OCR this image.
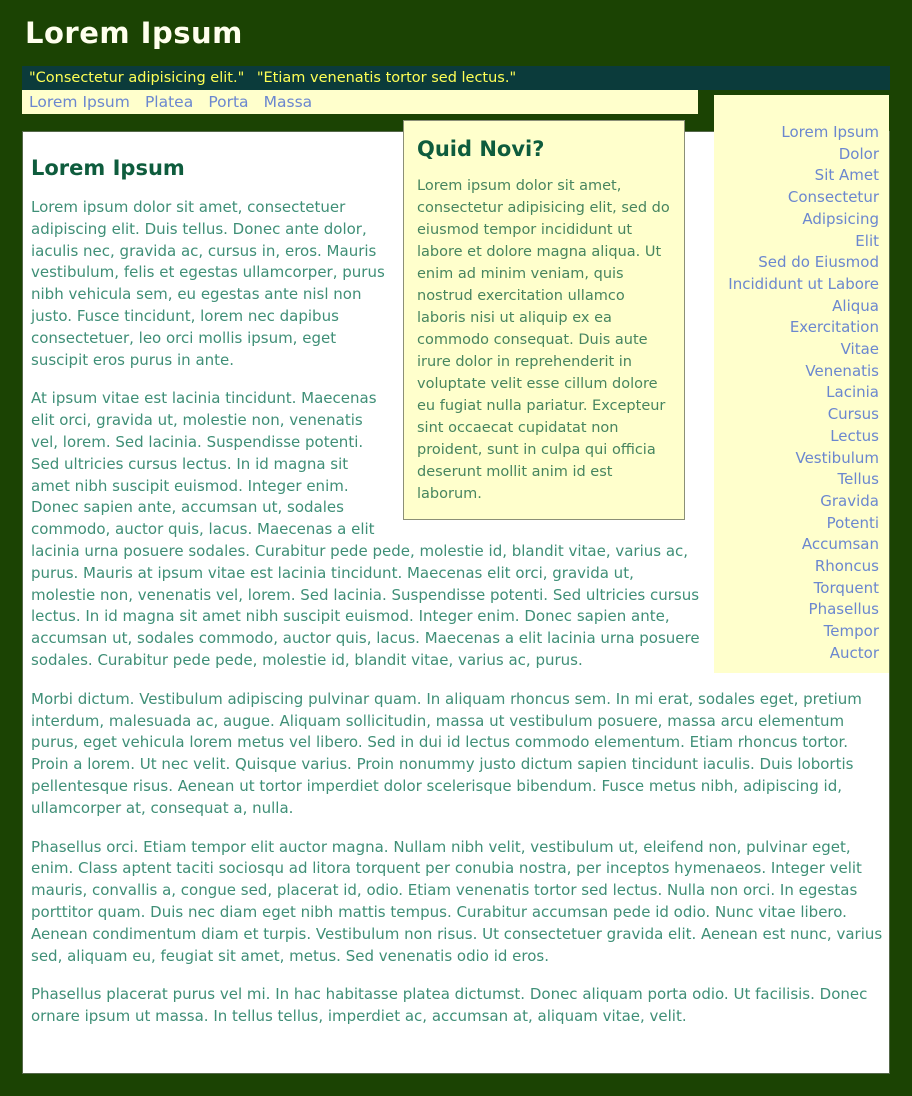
Lorem Ipsum
"Consectetur adipisicing elit." "Etiam venenatis tortor sed lectus."
Lorem Ipsum Platea Porta Massa
Lorem Ipsum
Dolor
Sit Amet
Consectetur
Adipsicing
Elit
Sed do Eiusmod
Incididunt ut Labore
Aliqua
Exercitation
Vitae
Venenatis
Lacinia
Cursus
Lectus
Vestibulum
Tellus
Gravida
Potenti
Accumsan
Rhoncus
Torquent
Phasellus
Tempor
Auctor
Quid Novi?

Lorem ipsum dolor sit amet, consectetur adipisicing elit, sed do eiusmod tempor incididunt ut labore et dolore magna aliqua. Ut enim ad minim veniam, quis nostrud exercitation ullamco laboris nisi ut aliquip ex ea commodo consequat. Duis aute irure dolor in reprehenderit in voluptate velit esse cillum dolore eu fugiat nulla pariatur. Excepteur sint occaecat cupidatat non proident, sunt in culpa qui officia deserunt mollit anim id est laborum.

Lorem Ipsum

Lorem ipsum dolor sit amet, consectetuer adipiscing elit. Duis tellus. Donec ante dolor, iaculis nec, gravida ac, cursus in, eros. Mauris vestibulum, felis et egestas ullamcorper, purus nibh vehicula sem, eu egestas ante nisl non justo. Fusce tincidunt, lorem nec dapibus consectetuer, leo orci mollis ipsum, eget suscipit eros purus in ante.

At ipsum vitae est lacinia tincidunt. Maecenas elit orci, gravida ut, molestie non, venenatis vel, lorem. Sed lacinia. Suspendisse potenti. Sed ultricies cursus lectus. In id magna sit amet nibh suscipit euismod. Integer enim. Donec sapien ante, accumsan ut, sodales commodo, auctor quis, lacus. Maecenas a elit lacinia urna posuere sodales. Curabitur pede pede, molestie id, blandit vitae, varius ac, purus. Mauris at ipsum vitae est lacinia tincidunt. Maecenas elit orci, gravida ut, molestie non, venenatis vel, lorem. Sed lacinia. Suspendisse potenti. Sed ultricies cursus lectus. In id magna sit amet nibh suscipit euismod. Integer enim. Donec sapien ante, accumsan ut, sodales commodo, auctor quis, lacus. Maecenas a elit lacinia urna posuere sodales. Curabitur pede pede, molestie id, blandit vitae, varius ac, purus.

Morbi dictum. Vestibulum adipiscing pulvinar quam. In aliquam rhoncus sem. In mi erat, sodales eget, pretium interdum, malesuada ac, augue. Aliquam sollicitudin, massa ut vestibulum posuere, massa arcu elementum purus, eget vehicula lorem metus vel libero. Sed in dui id lectus commodo elementum. Etiam rhoncus tortor. Proin a lorem. Ut nec velit. Quisque varius. Proin nonummy justo dictum sapien tincidunt iaculis. Duis lobortis pellentesque risus. Aenean ut tortor imperdiet dolor scelerisque bibendum. Fusce metus nibh, adipiscing id, ullamcorper at, consequat a, nulla.

Phasellus orci. Etiam tempor elit auctor magna. Nullam nibh velit, vestibulum ut, eleifend non, pulvinar eget, enim. Class aptent taciti sociosqu ad litora torquent per conubia nostra, per inceptos hymenaeos. Integer velit mauris, convallis a, congue sed, placerat id, odio. Etiam venenatis tortor sed lectus. Nulla non orci. In egestas porttitor quam. Duis nec diam eget nibh mattis tempus. Curabitur accumsan pede id odio. Nunc vitae libero. Aenean condimentum diam et turpis. Vestibulum non risus. Ut consectetuer gravida elit. Aenean est nunc, varius sed, aliquam eu, feugiat sit amet, metus. Sed venenatis odio id eros.

Phasellus placerat purus vel mi. In hac habitasse platea dictumst. Donec aliquam porta odio. Ut facilisis. Donec ornare ipsum ut massa. In tellus tellus, imperdiet ac, accumsan at, aliquam vitae, velit.
